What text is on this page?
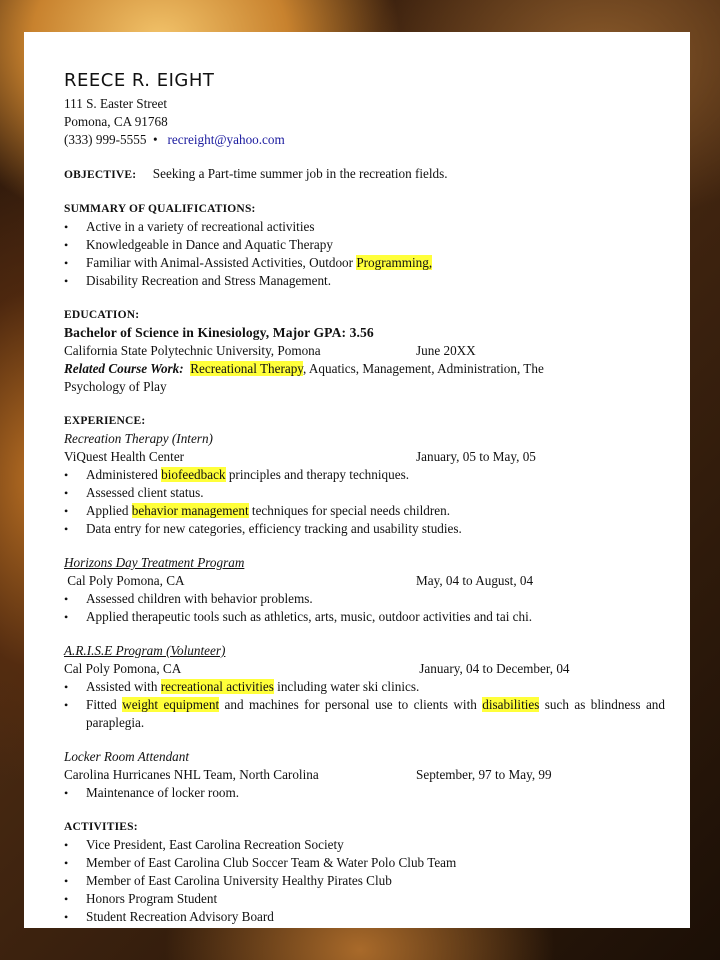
REECE R. EIGHT
111 S. Easter Street
Pomona, CA 91768
(333) 999-5555 • recreight@yahoo.com
OBJECTIVE: Seeking a Part-time summer job in the recreation fields.
SUMMARY OF QUALIFICATIONS:
• Active in a variety of recreational activities
• Knowledgeable in Dance and Aquatic Therapy
• Familiar with Animal-Assisted Activities, Outdoor Programming,
• Disability Recreation and Stress Management.
EDUCATION:
Bachelor of Science in Kinesiology, Major GPA: 3.56
California State Polytechnic University, Pomona	June 20XX
Related Course Work: Recreational Therapy, Aquatics, Management, Administration, The
Psychology of Play
EXPERIENCE:
Recreation Therapy (Intern)
ViQuest Health Center	January, 05 to May, 05
• Administered biofeedback principles and therapy techniques.
• Assessed client status.
• Applied behavior management techniques for special needs children.
• Data entry for new categories, efficiency tracking and usability studies.
Horizons Day Treatment Program
Cal Poly Pomona, CA	May, 04 to August, 04
• Assessed children with behavior problems.
• Applied therapeutic tools such as athletics, arts, music, outdoor activities and tai chi.
A.R.I.S.E Program (Volunteer)
Cal Poly Pomona, CA	January, 04 to December, 04
• Assisted with recreational activities including water ski clinics.
• Fitted weight equipment and machines for personal use to clients with disabilities such as blindness and paraplegia.
Locker Room Attendant
Carolina Hurricanes NHL Team, North Carolina	September, 97 to May, 99
• Maintenance of locker room.
ACTIVITIES:
• Vice President, East Carolina Recreation Society
• Member of East Carolina Club Soccer Team & Water Polo Club Team
• Member of East Carolina University Healthy Pirates Club
• Honors Program Student
• Student Recreation Advisory Board
